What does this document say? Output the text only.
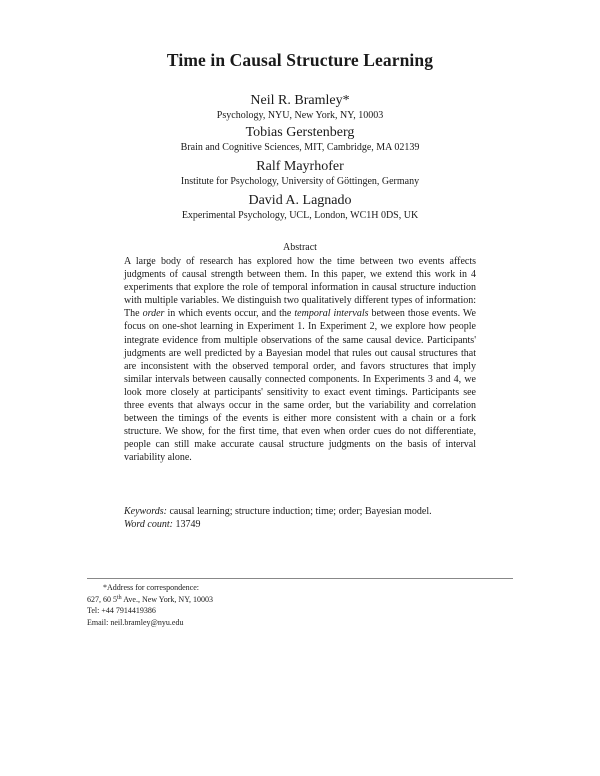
Time in Causal Structure Learning
Neil R. Bramley*
Psychology, NYU, New York, NY, 10003
Tobias Gerstenberg
Brain and Cognitive Sciences, MIT, Cambridge, MA 02139
Ralf Mayrhofer
Institute for Psychology, University of Göttingen, Germany
David A. Lagnado
Experimental Psychology, UCL, London, WC1H 0DS, UK
Abstract
A large body of research has explored how the time between two events affects judgments of causal strength between them. In this paper, we extend this work in 4 experiments that explore the role of temporal information in causal structure induction with multiple variables. We distinguish two qualitatively different types of information: The order in which events occur, and the temporal intervals between those events. We focus on one-shot learning in Experiment 1. In Experiment 2, we explore how people integrate evidence from multiple observations of the same causal device. Participants' judgments are well predicted by a Bayesian model that rules out causal structures that are inconsistent with the observed temporal order, and favors structures that imply similar intervals between causally connected components. In Experiments 3 and 4, we look more closely at participants' sensitivity to exact event timings. Participants see three events that always occur in the same order, but the variability and correlation between the timings of the events is either more consistent with a chain or a fork structure. We show, for the first time, that even when order cues do not differentiate, people can still make accurate causal structure judgments on the basis of interval variability alone.
Keywords: causal learning; structure induction; time; order; Bayesian model.
Word count: 13749
*Address for correspondence:
627, 60 5th Ave., New York, NY, 10003
Tel: +44 7914419386
Email: neil.bramley@nyu.edu
